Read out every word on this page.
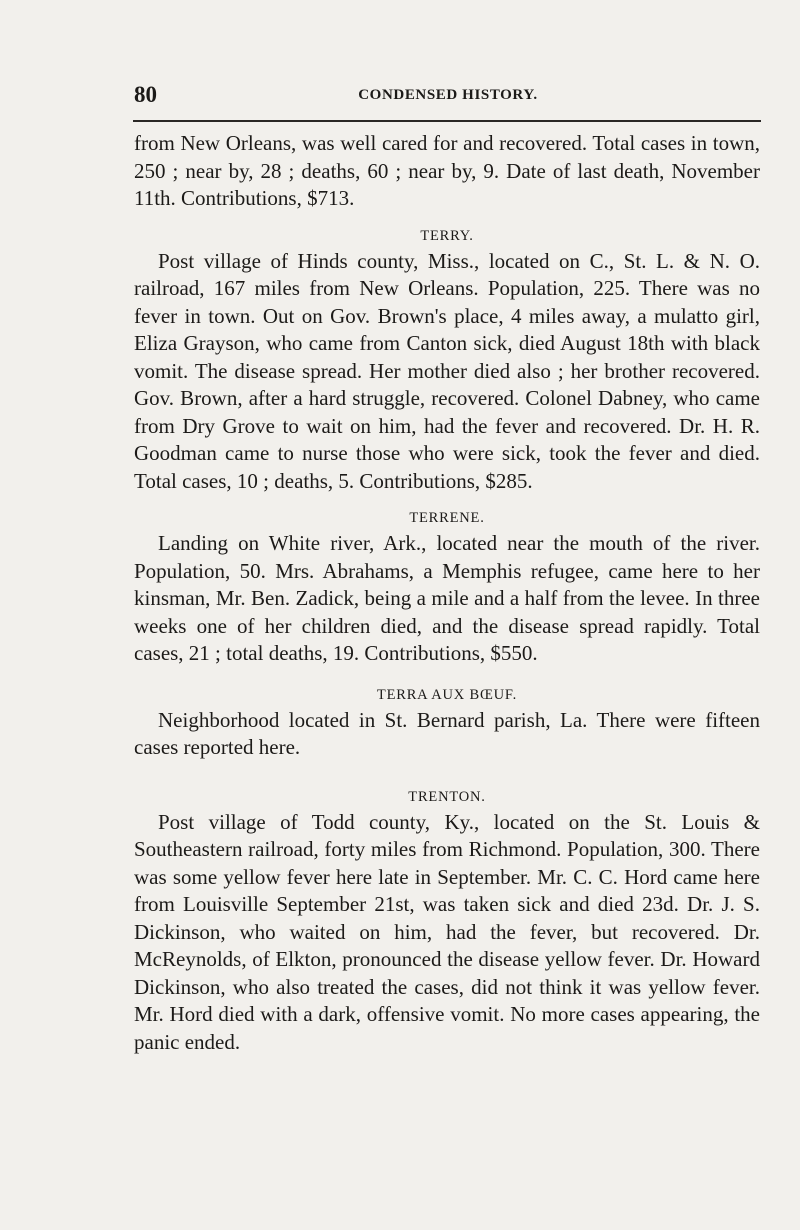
80	CONDENSED HISTORY.

from New Orleans, was well cared for and recovered. Total cases in town, 250 ; near by, 28 ; deaths, 60 ; near by, 9. Date of last death, November 11th. Contributions, $713.

TERRY.

Post village of Hinds county, Miss., located on C., St. L. & N. O. railroad, 167 miles from New Orleans. Population, 225. There was no fever in town. Out on Gov. Brown's place, 4 miles away, a mulatto girl, Eliza Grayson, who came from Canton sick, died August 18th with black vomit. The disease spread. Her mother died also ; her brother recovered. Gov. Brown, after a hard struggle, recovered. Colonel Dabney, who came from Dry Grove to wait on him, had the fever and recovered. Dr. H. R. Goodman came to nurse those who were sick, took the fever and died. Total cases, 10 ; deaths, 5. Contributions, $285.

TERRENE.

Landing on White river, Ark., located near the mouth of the river. Population, 50. Mrs. Abrahams, a Memphis refugee, came here to her kinsman, Mr. Ben. Zadick, being a mile and a half from the levee. In three weeks one of her children died, and the disease spread rapidly. Total cases, 21 ; total deaths, 19. Contributions, $550.

TERRA AUX BŒUF.

Neighborhood located in St. Bernard parish, La. There were fifteen cases reported here.

TRENTON.

Post village of Todd county, Ky., located on the St. Louis & Southeastern railroad, forty miles from Richmond. Population, 300. There was some yellow fever here late in September. Mr. C. C. Hord came here from Louisville September 21st, was taken sick and died 23d. Dr. J. S. Dickinson, who waited on him, had the fever, but recovered. Dr. McReynolds, of Elkton, pronounced the disease yellow fever. Dr. Howard Dickinson, who also treated the cases, did not think it was yellow fever. Mr. Hord died with a dark, offensive vomit. No more cases appearing, the panic ended.
